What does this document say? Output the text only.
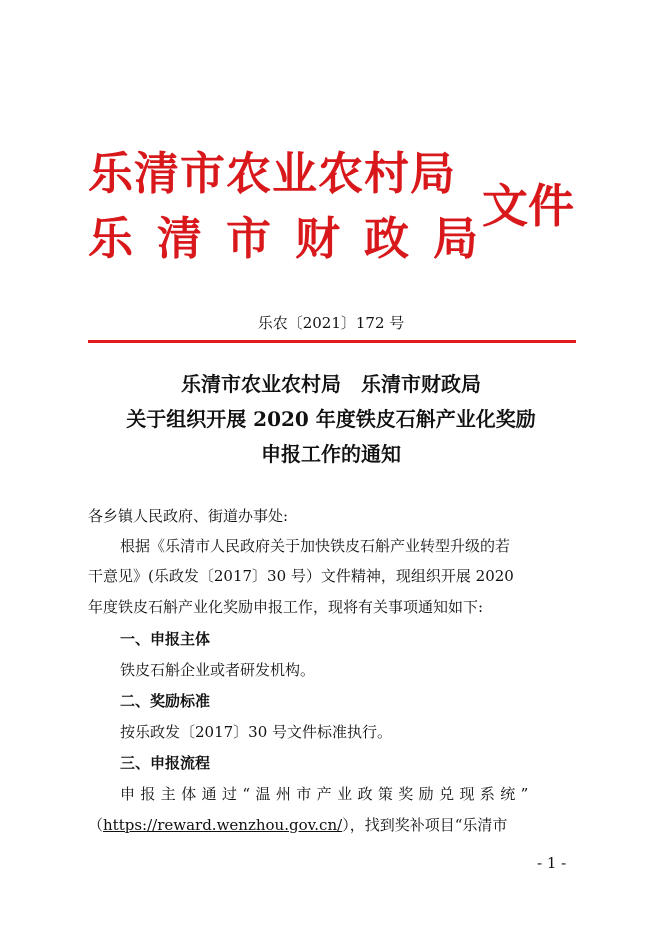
乐清市农业农村局
乐清市财政局
文件
乐农〔2021〕172 号
乐清市农业农村局　乐清市财政局
关于组织开展 2020 年度铁皮石斛产业化奖励
申报工作的通知
各乡镇人民政府、街道办事处:
根据《乐清市人民政府关于加快铁皮石斛产业转型升级的若
干意见》(乐政发〔2017〕30 号）文件精神，现组织开展 2020
年度铁皮石斛产业化奖励申报工作，现将有关事项通知如下:
一、申报主体
铁皮石斛企业或者研发机构。
二、奖励标准
按乐政发〔2017〕30 号文件标准执行。
三、申报流程
申报主体通过“温州市产业政策奖励兑现系统”
（https://reward.wenzhou.gov.cn/），找到奖补项目“乐清市
- 1 -
